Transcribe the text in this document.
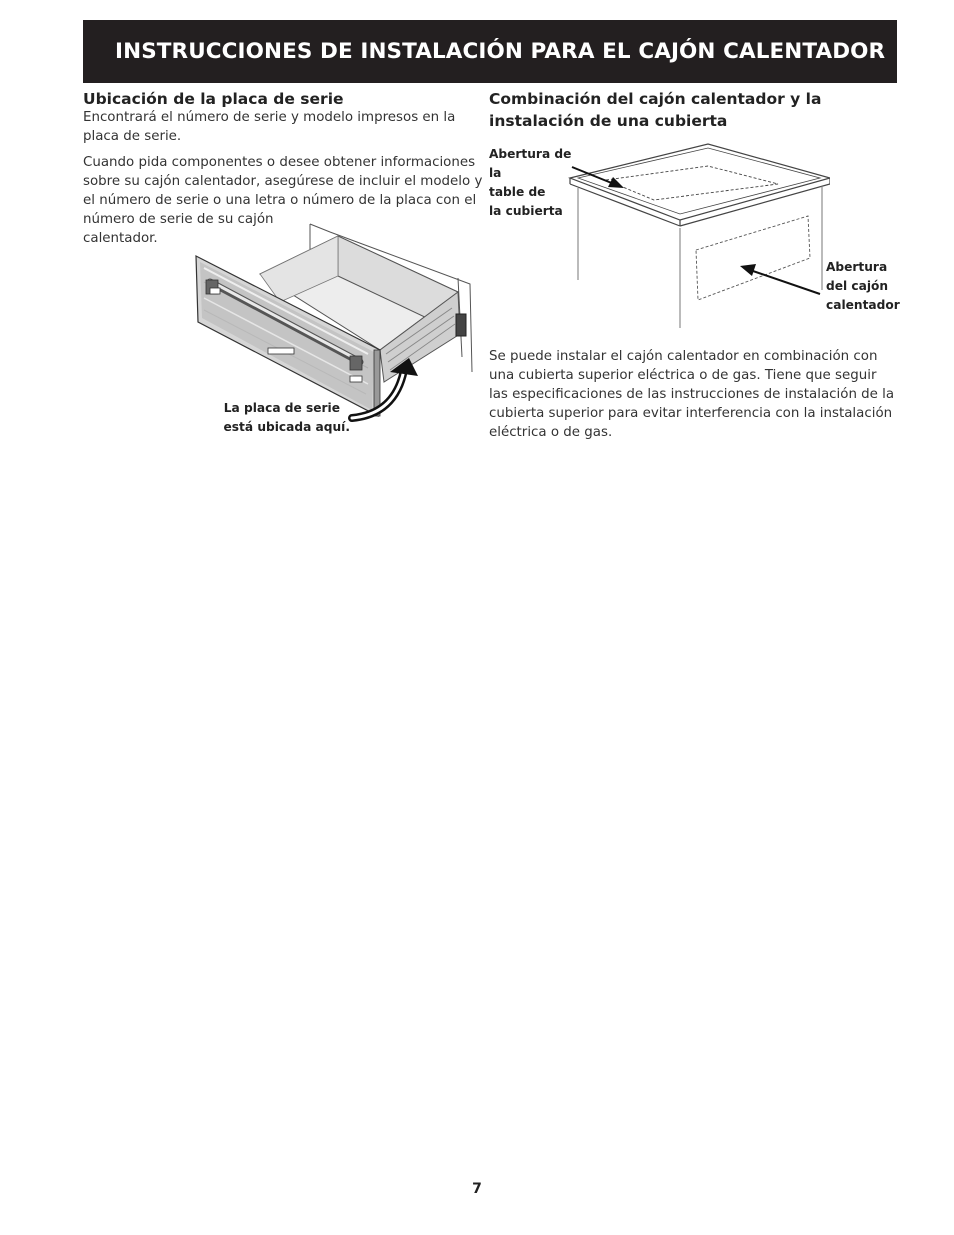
INSTRUCCIONES DE INSTALACIÓN PARA EL CAJÓN CALENTADOR

Ubicación de la placa de serie

Encontrará el número de serie y modelo impresos en la
placa de serie.

Cuando pida componentes o desee obtener informaciones
sobre su cajón calentador, asegúrese de incluir el modelo y
el número de serie o una letra o número de la placa con el
número de serie de su cajón
calentador.

La placa de serie
está ubicada aquí.

Combinación del cajón calentador y la
instalación de una cubierta

Abertura de
la
table de
la cubierta

Abertura
del cajón
calentador

Se puede instalar el cajón calentador en combinación con
una cubierta superior eléctrica o de gas. Tiene que seguir
las especificaciones de las instrucciones de instalación de la
cubierta superior para evitar interferencia con la instalación
eléctrica o de gas.

7
